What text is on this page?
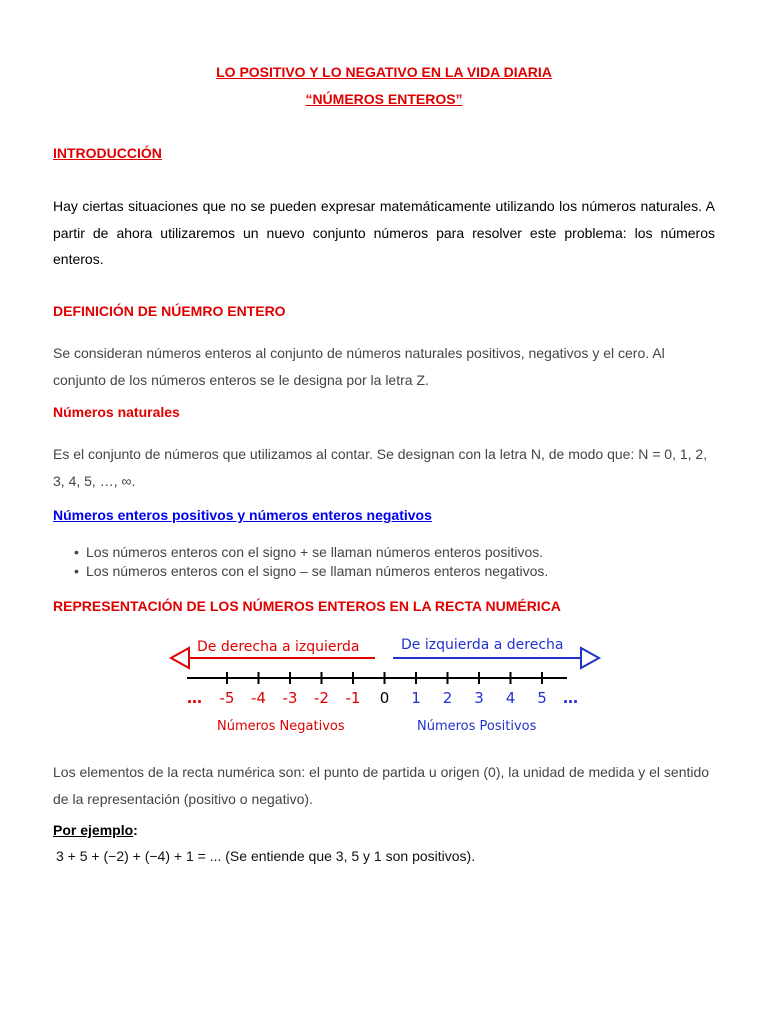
LO POSITIVO Y LO NEGATIVO EN LA VIDA DIARIA
“NÚMEROS ENTEROS”
INTRODUCCIÓN
Hay ciertas situaciones que no se pueden expresar matemáticamente utilizando los números naturales. A partir de ahora utilizaremos un nuevo conjunto números para resolver este problema: los números enteros.
DEFINICIÓN DE NÚEMRO ENTERO
Se consideran números enteros al conjunto de números naturales positivos, negativos y el cero. Al conjunto de los números enteros se le designa por la letra Z.
Números naturales
Es el conjunto de números que utilizamos al contar. Se designan con la letra N, de modo que: N = 0, 1, 2, 3, 4, 5, …, ∞.
Números enteros positivos y números enteros negativos
• Los números enteros con el signo + se llaman números enteros positivos.
• Los números enteros con el signo – se llaman números enteros negativos.
REPRESENTACIÓN DE LOS NÚMEROS ENTEROS EN LA RECTA NUMÉRICA
De derecha a izquierda	De izquierda a derecha
-5 -4 -3 -2 -1 0 1 2 3 4 5
…	…
Números Negativos	Números Positivos
Los elementos de la recta numérica son: el punto de partida u origen (0), la unidad de medida y el sentido de la representación (positivo o negativo).
Por ejemplo:
3 + 5 + (−2) + (−4) + 1 = ... (Se entiende que 3, 5 y 1 son positivos).
